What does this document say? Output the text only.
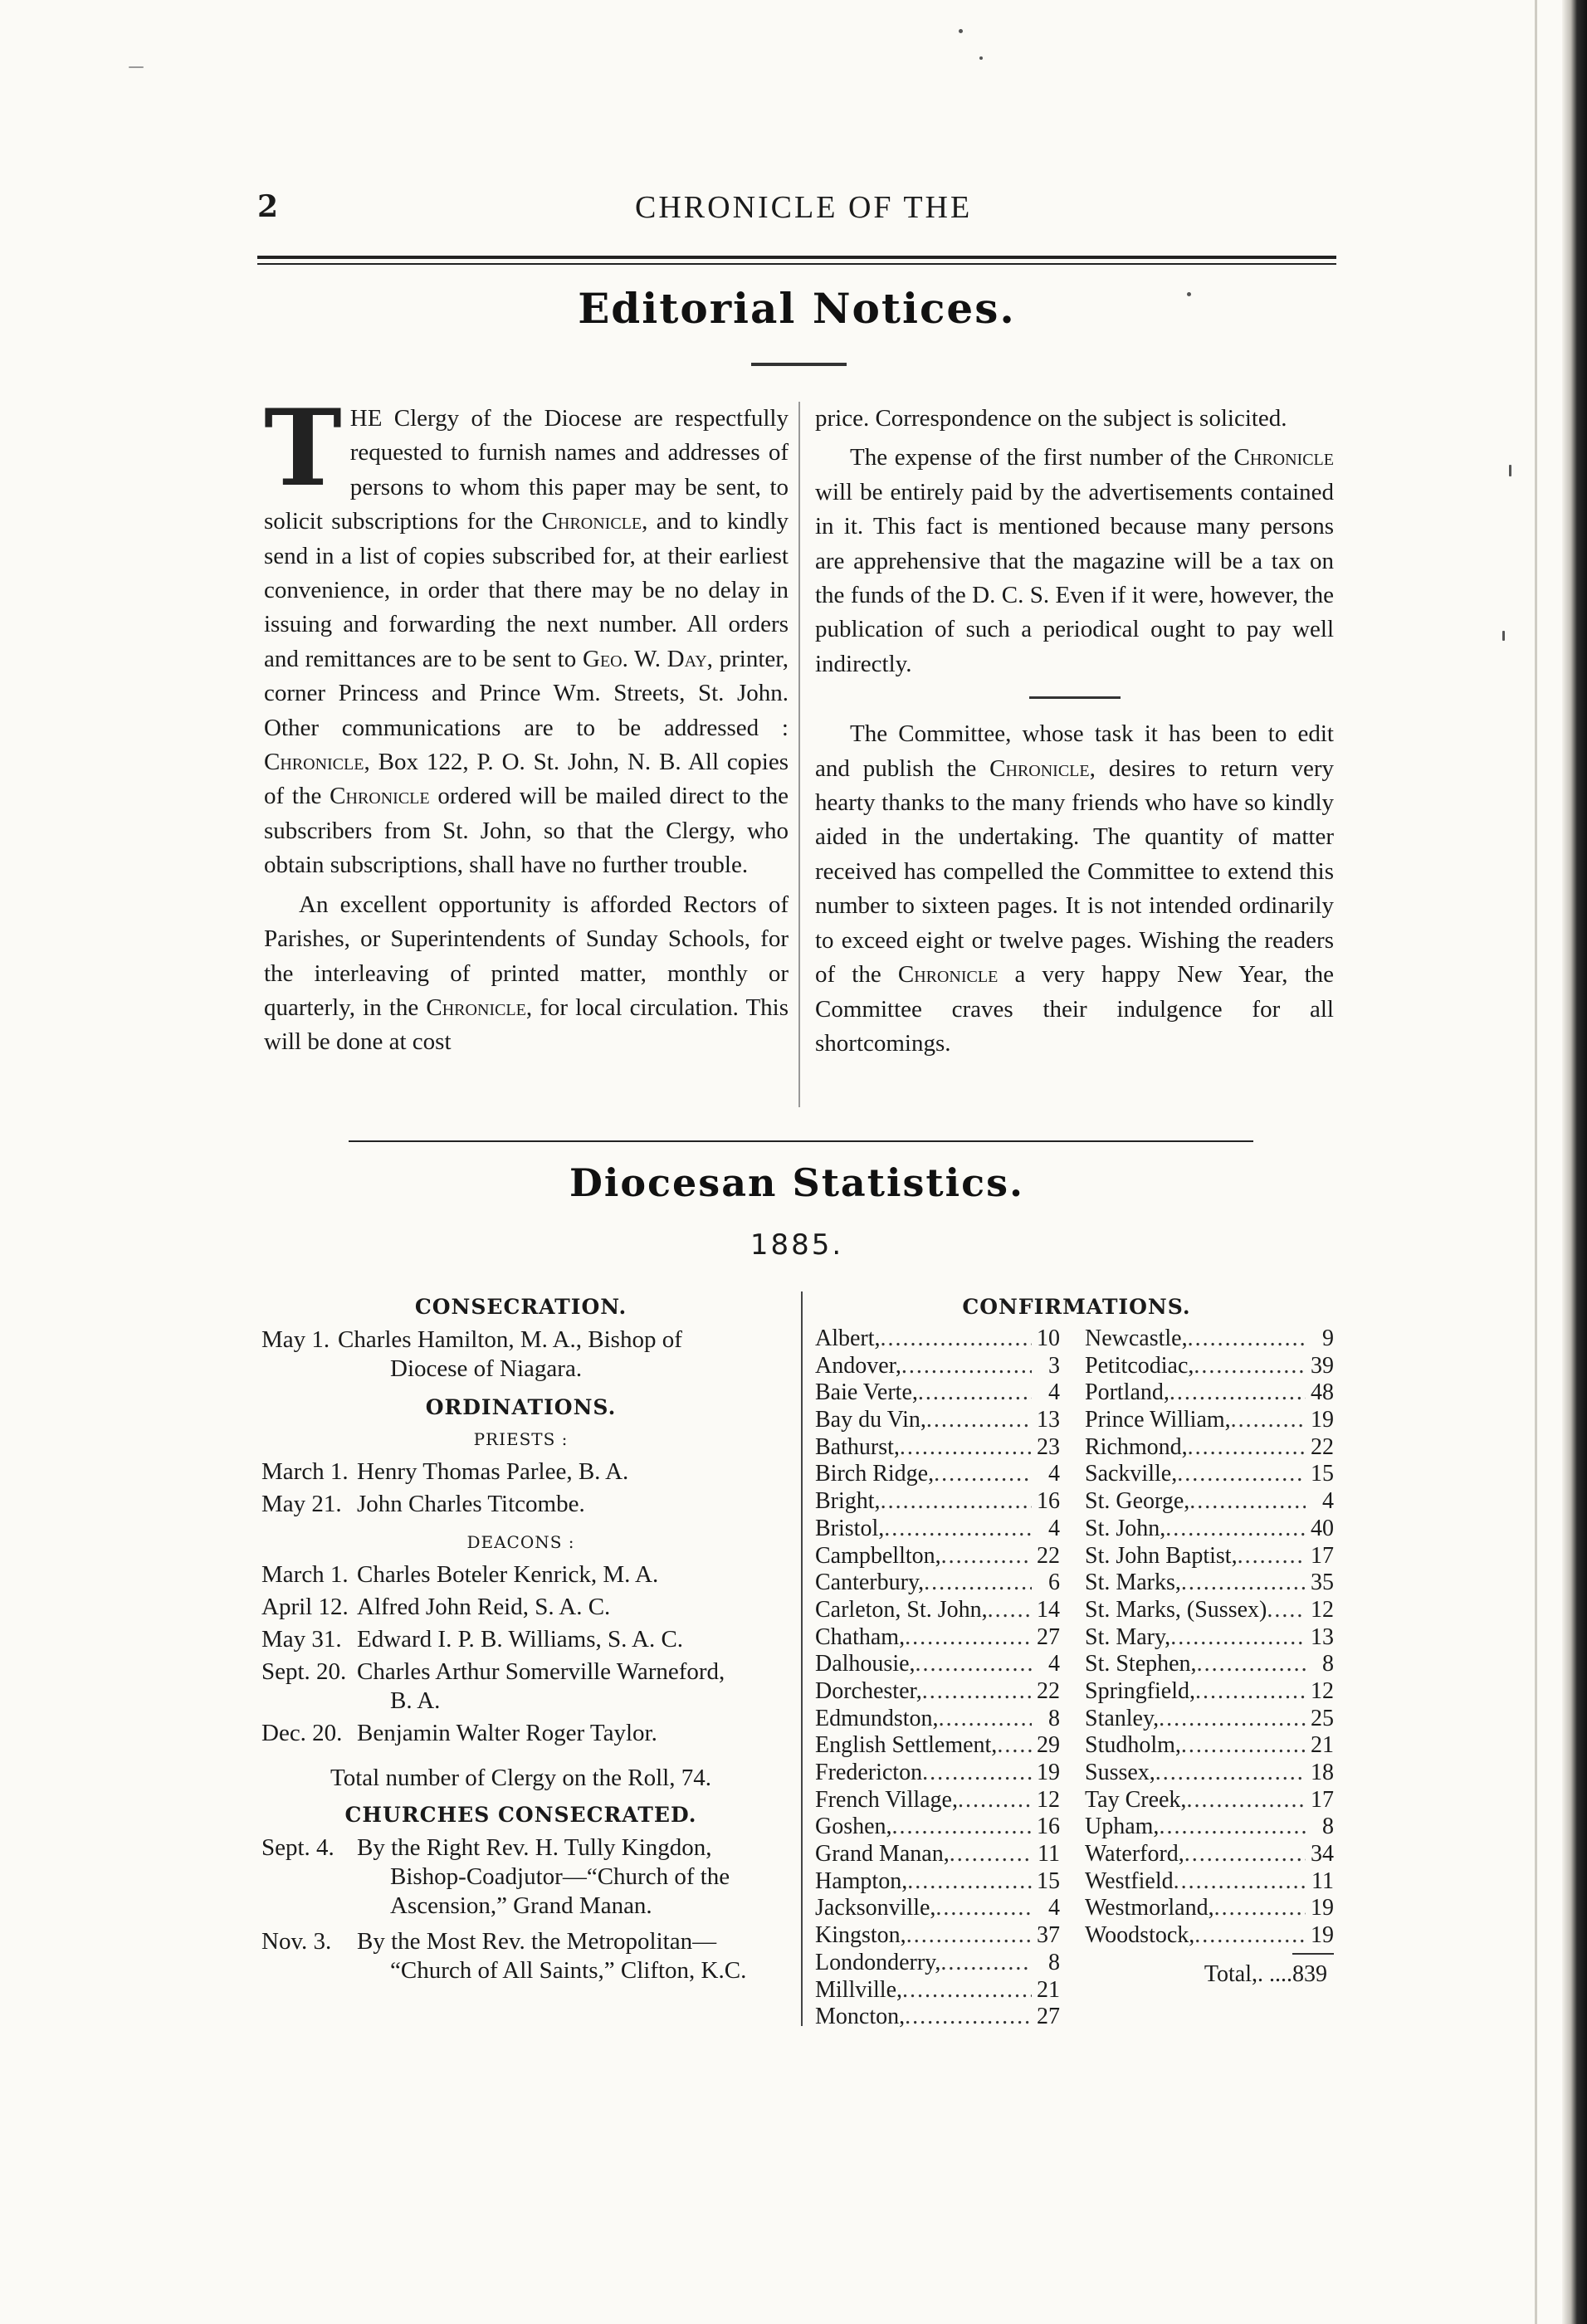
2	CHRONICLE OF THE
Editorial Notices.
T HE Clergy of the Diocese are respectfully requested to furnish names and addresses of persons to whom this paper may be sent, to solicit subscriptions for the Chronicle, and to kindly send in a list of copies subscribed for, at their earliest convenience, in order that there may be no delay in issuing and forwarding the next number. All orders and remittances are to be sent to Geo. W. Day, printer, corner Princess and Prince Wm. Streets, St. John. Other communications are to be addressed : Chronicle, Box 122, P. O. St. John, N. B. All copies of the Chronicle ordered will be mailed direct to the subscribers from St. John, so that the Clergy, who obtain subscriptions, shall have no further trouble.
An excellent opportunity is afforded Rectors of Parishes, or Superintendents of Sunday Schools, for the interleaving of printed matter, monthly or quarterly, in the Chronicle, for local circulation. This will be done at cost
price. Correspondence on the subject is solicited.
The expense of the first number of the Chronicle will be entirely paid by the advertisements contained in it. This fact is mentioned because many persons are apprehensive that the magazine will be a tax on the funds of the D. C. S. Even if it were, however, the publication of such a periodical ought to pay well indirectly.
The Committee, whose task it has been to edit and publish the Chronicle, desires to return very hearty thanks to the many friends who have so kindly aided in the undertaking. The quantity of matter received has compelled the Committee to extend this number to sixteen pages. It is not intended ordinarily to exceed eight or twelve pages. Wishing the readers of the Chronicle a very happy New Year, the Committee craves their indulgence for all shortcomings.
Diocesan Statistics.
1885.
CONSECRATION.
May 1. Charles Hamilton, M. A., Bishop of
Diocese of Niagara.
ORDINATIONS.
PRIESTS :
March 1. Henry Thomas Parlee, B. A.
May 21. John Charles Titcombe.
DEACONS :
March 1. Charles Boteler Kenrick, M. A.
April 12. Alfred John Reid, S. A. C.
May 31. Edward I. P. B. Williams, S. A. C.
Sept. 20. Charles Arthur Somerville Warneford,
B. A.
Dec. 20. Benjamin Walter Roger Taylor.
Total number of Clergy on the Roll, 74.
CHURCHES CONSECRATED.
Sept. 4. By the Right Rev. H. Tully Kingdon,
Bishop-Coadjutor—“Church of the
Ascension,” Grand Manan.
Nov. 3.	By the Most Rev. the Metropolitan—
“Church of All Saints,” Clifton, K.C.
CONFIRMATIONS.
Albert, .....	10
Andover, .....	3
Baie Verte, .....	4
Bay du Vin, .....	13
Bathurst, .....	23
Birch Ridge, .....	4
Bright, .....	16
Bristol, .....	4
Campbellton, .....	22
Canterbury, .....	6
Carleton, St. John, ..... 14
Chatham, .....	27
Dalhousie, .....	4
Dorchester, .....	22
Edmundston, .....	8
English Settlement, ..... 29
Fredericton .....	19
French Village, .....	12
Goshen, .....	16
Grand Manan, .....	11
Hampton, .....	15
Jacksonville, .....	4
Kingston, .....	37
Londonderry, .....	8
Millville, .....	21
Moncton, .....	27
Newcastle, .....	9
Petitcodiac, .....	39
Portland, .....	48
Prince William, .....	19
Richmond, .....	22
Sackville, .....	15
St. George, .....	4
St. John, .....	40
St. John Baptist, .....	17
St. Marks, .....	35
St. Marks, (Sussex) ..... 12
St. Mary, .....	13
St. Stephen, .....	8
Springfield, .....	12
Stanley, .....	25
Studholm, .....	21
Sussex, .....	18
Tay Creek, .....	17
Upham, .....	8
Waterford, .....	34
Westfield .....	11
Westmorland, .....	19
Woodstock, .....	19
Total,. ....839
